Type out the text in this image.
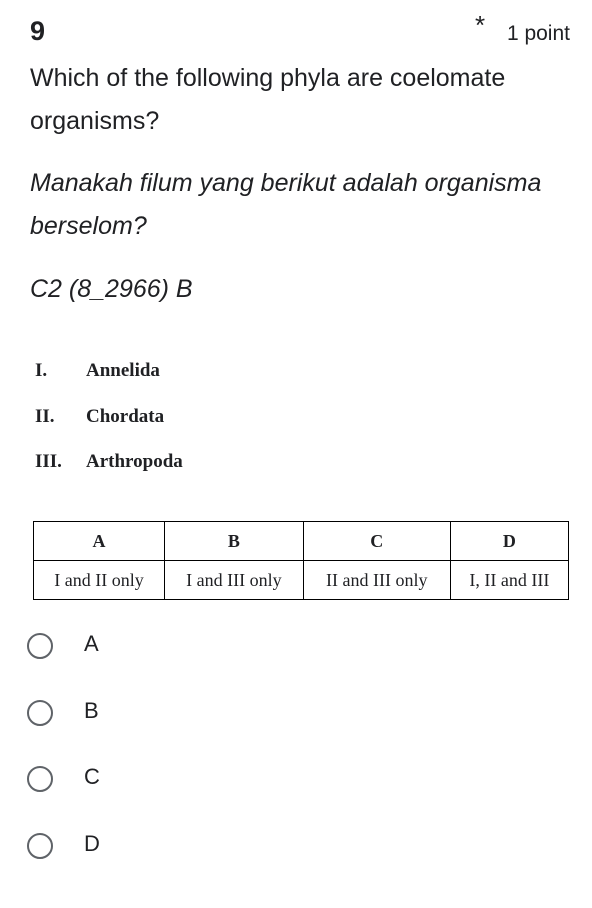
9	* 1 point
Which of the following phyla are coelomate organisms?
Manakah filum yang berikut adalah organisma berselom?
C2 (8_2966) B
I. Annelida
II. Chordata
III. Arthropoda
A	B	C	D
I and II only	I and III only	II and III only	I, II and III
A
B
C
D
